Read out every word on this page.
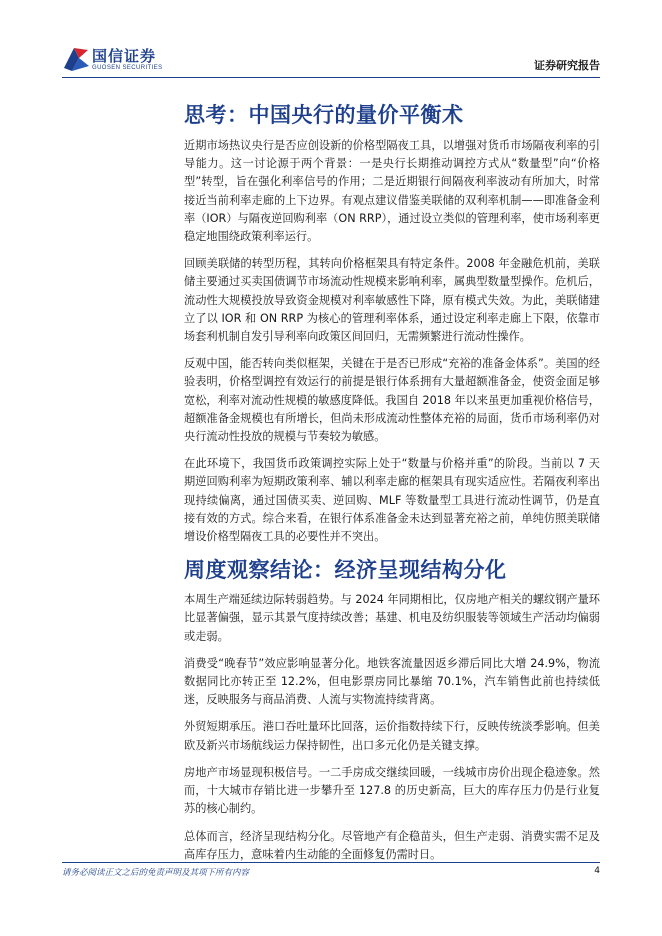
国信证券
GUOSEN SECURITIES	证券研究报告
思考：中国央行的量价平衡术

近期市场热议央行是否应创设新的价格型隔夜工具，以增强对货币市场隔夜利率的引导能力。这一讨论源于两个背景：一是央行长期推动调控方式从“数量型”向“价格型”转型，旨在强化利率信号的作用；二是近期银行间隔夜利率波动有所加大，时常接近当前利率走廊的上下边界。有观点建议借鉴美联储的双利率机制——即准备金利率（IOR）与隔夜逆回购利率（ON RRP），通过设立类似的管理利率，使市场利率更稳定地围绕政策利率运行。

回顾美联储的转型历程，其转向价格框架具有特定条件。2008 年金融危机前，美联储主要通过买卖国债调节市场流动性规模来影响利率，属典型数量型操作。危机后，流动性大规模投放导致资金规模对利率敏感性下降，原有模式失效。为此，美联储建立了以 IOR 和 ON RRP 为核心的管理利率体系，通过设定利率走廊上下限，依靠市场套利机制自发引导利率向政策区间回归，无需频繁进行流动性操作。

反观中国，能否转向类似框架，关键在于是否已形成“充裕的准备金体系”。美国的经验表明，价格型调控有效运行的前提是银行体系拥有大量超额准备金，使资金面足够宽松，利率对流动性规模的敏感度降低。我国自 2018 年以来虽更加重视价格信号，超额准备金规模也有所增长，但尚未形成流动性整体充裕的局面，货币市场利率仍对央行流动性投放的规模与节奏较为敏感。

在此环境下，我国货币政策调控实际上处于“数量与价格并重”的阶段。当前以 7 天期逆回购利率为短期政策利率、辅以利率走廊的框架具有现实适应性。若隔夜利率出现持续偏离，通过国债买卖、逆回购、MLF 等数量型工具进行流动性调节，仍是直接有效的方式。综合来看，在银行体系准备金未达到显著充裕之前，单纯仿照美联储增设价格型隔夜工具的必要性并不突出。

周度观察结论：经济呈现结构分化

本周生产端延续边际转弱趋势。与 2024 年同期相比，仅房地产相关的螺纹钢产量环比显著偏强，显示其景气度持续改善；基建、机电及纺织服装等领域生产活动均偏弱或走弱。

消费受“晚春节”效应影响显著分化。地铁客流量因返乡滞后同比大增 24.9%，物流数据同比亦转正至 12.2%，但电影票房同比暴缩 70.1%，汽车销售此前也持续低迷，反映服务与商品消费、人流与实物流持续背离。

外贸短期承压。港口吞吐量环比回落，运价指数持续下行，反映传统淡季影响。但美欧及新兴市场航线运力保持韧性，出口多元化仍是关键支撑。

房地产市场显现积极信号。一二手房成交继续回暖，一线城市房价出现企稳迹象。然而，十大城市存销比进一步攀升至 127.8 的历史新高，巨大的库存压力仍是行业复苏的核心制约。

总体而言，经济呈现结构分化。尽管地产有企稳苗头，但生产走弱、消费实需不足及高库存压力，意味着内生动能的全面修复仍需时日。

请务必阅读正文之后的免责声明及其项下所有内容	4
